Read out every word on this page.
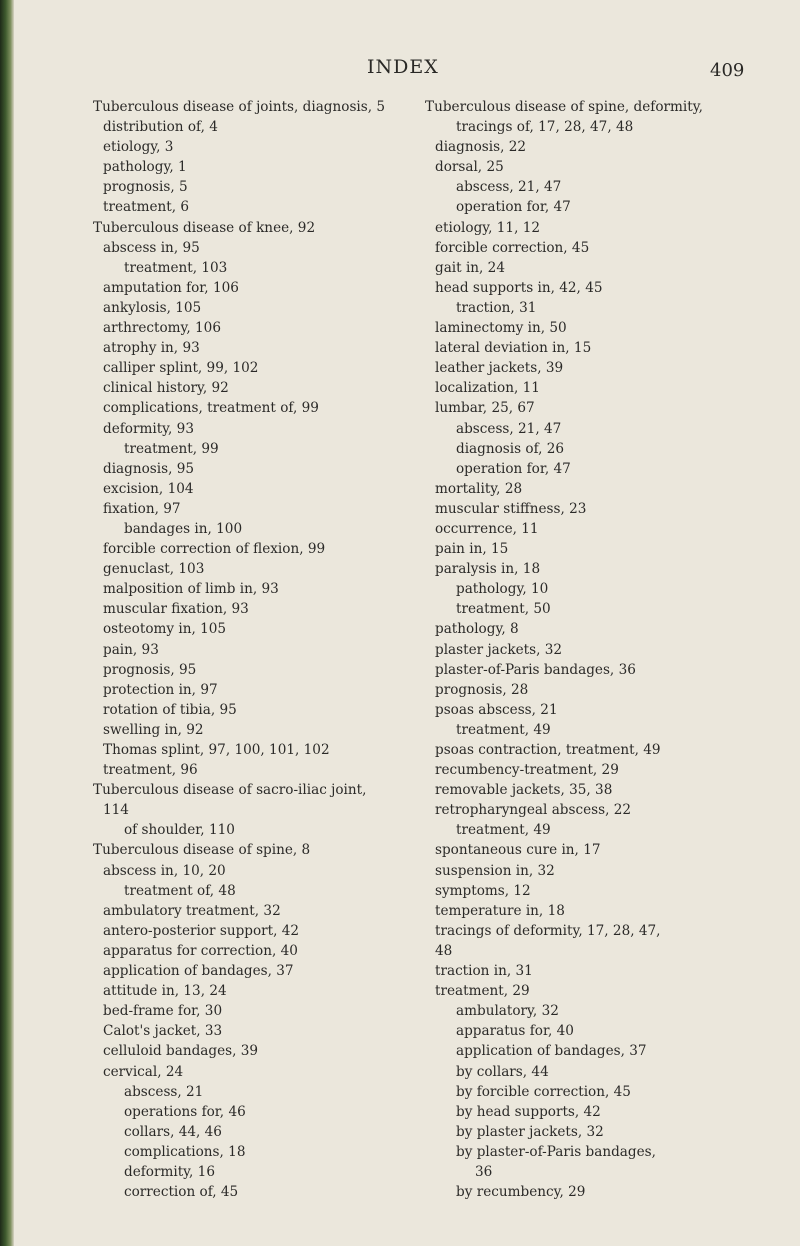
INDEX	409
Tuberculous disease of joints, diagnosis, 5
distribution of, 4
etiology, 3
pathology, 1
prognosis, 5
treatment, 6
Tuberculous disease of knee, 92
abscess in, 95
treatment, 103
amputation for, 106
ankylosis, 105
arthrectomy, 106
atrophy in, 93
calliper splint, 99, 102
clinical history, 92
complications, treatment of, 99
deformity, 93
treatment, 99
diagnosis, 95
excision, 104
fixation, 97
bandages in, 100
forcible correction of flexion, 99
genuclast, 103
malposition of limb in, 93
muscular fixation, 93
osteotomy in, 105
pain, 93
prognosis, 95
protection in, 97
rotation of tibia, 95
swelling in, 92
Thomas splint, 97, 100, 101, 102
treatment, 96
Tuberculous disease of sacro-iliac joint,
114
of shoulder, 110
Tuberculous disease of spine, 8
abscess in, 10, 20
treatment of, 48
ambulatory treatment, 32
antero-posterior support, 42
apparatus for correction, 40
application of bandages, 37
attitude in, 13, 24
bed-frame for, 30
Calot's jacket, 33
celluloid bandages, 39
cervical, 24
abscess, 21
operations for, 46
collars, 44, 46
complications, 18
deformity, 16
correction of, 45
Tuberculous disease of spine, deformity,
tracings of, 17, 28, 47, 48
diagnosis, 22
dorsal, 25
abscess, 21, 47
operation for, 47
etiology, 11, 12
forcible correction, 45
gait in, 24
head supports in, 42, 45
traction, 31
laminectomy in, 50
lateral deviation in, 15
leather jackets, 39
localization, 11
lumbar, 25, 67
abscess, 21, 47
diagnosis of, 26
operation for, 47
mortality, 28
muscular stiffness, 23
occurrence, 11
pain in, 15
paralysis in, 18
pathology, 10
treatment, 50
pathology, 8
plaster jackets, 32
plaster-of-Paris bandages, 36
prognosis, 28
psoas abscess, 21
treatment, 49
psoas contraction, treatment, 49
recumbency-treatment, 29
removable jackets, 35, 38
retropharyngeal abscess, 22
treatment, 49
spontaneous cure in, 17
suspension in, 32
symptoms, 12
temperature in, 18
tracings of deformity, 17, 28, 47,
48
traction in, 31
treatment, 29
ambulatory, 32
apparatus for, 40
application of bandages, 37
by collars, 44
by forcible correction, 45
by head supports, 42
by plaster jackets, 32
by plaster-of-Paris bandages,
36
by recumbency, 29
